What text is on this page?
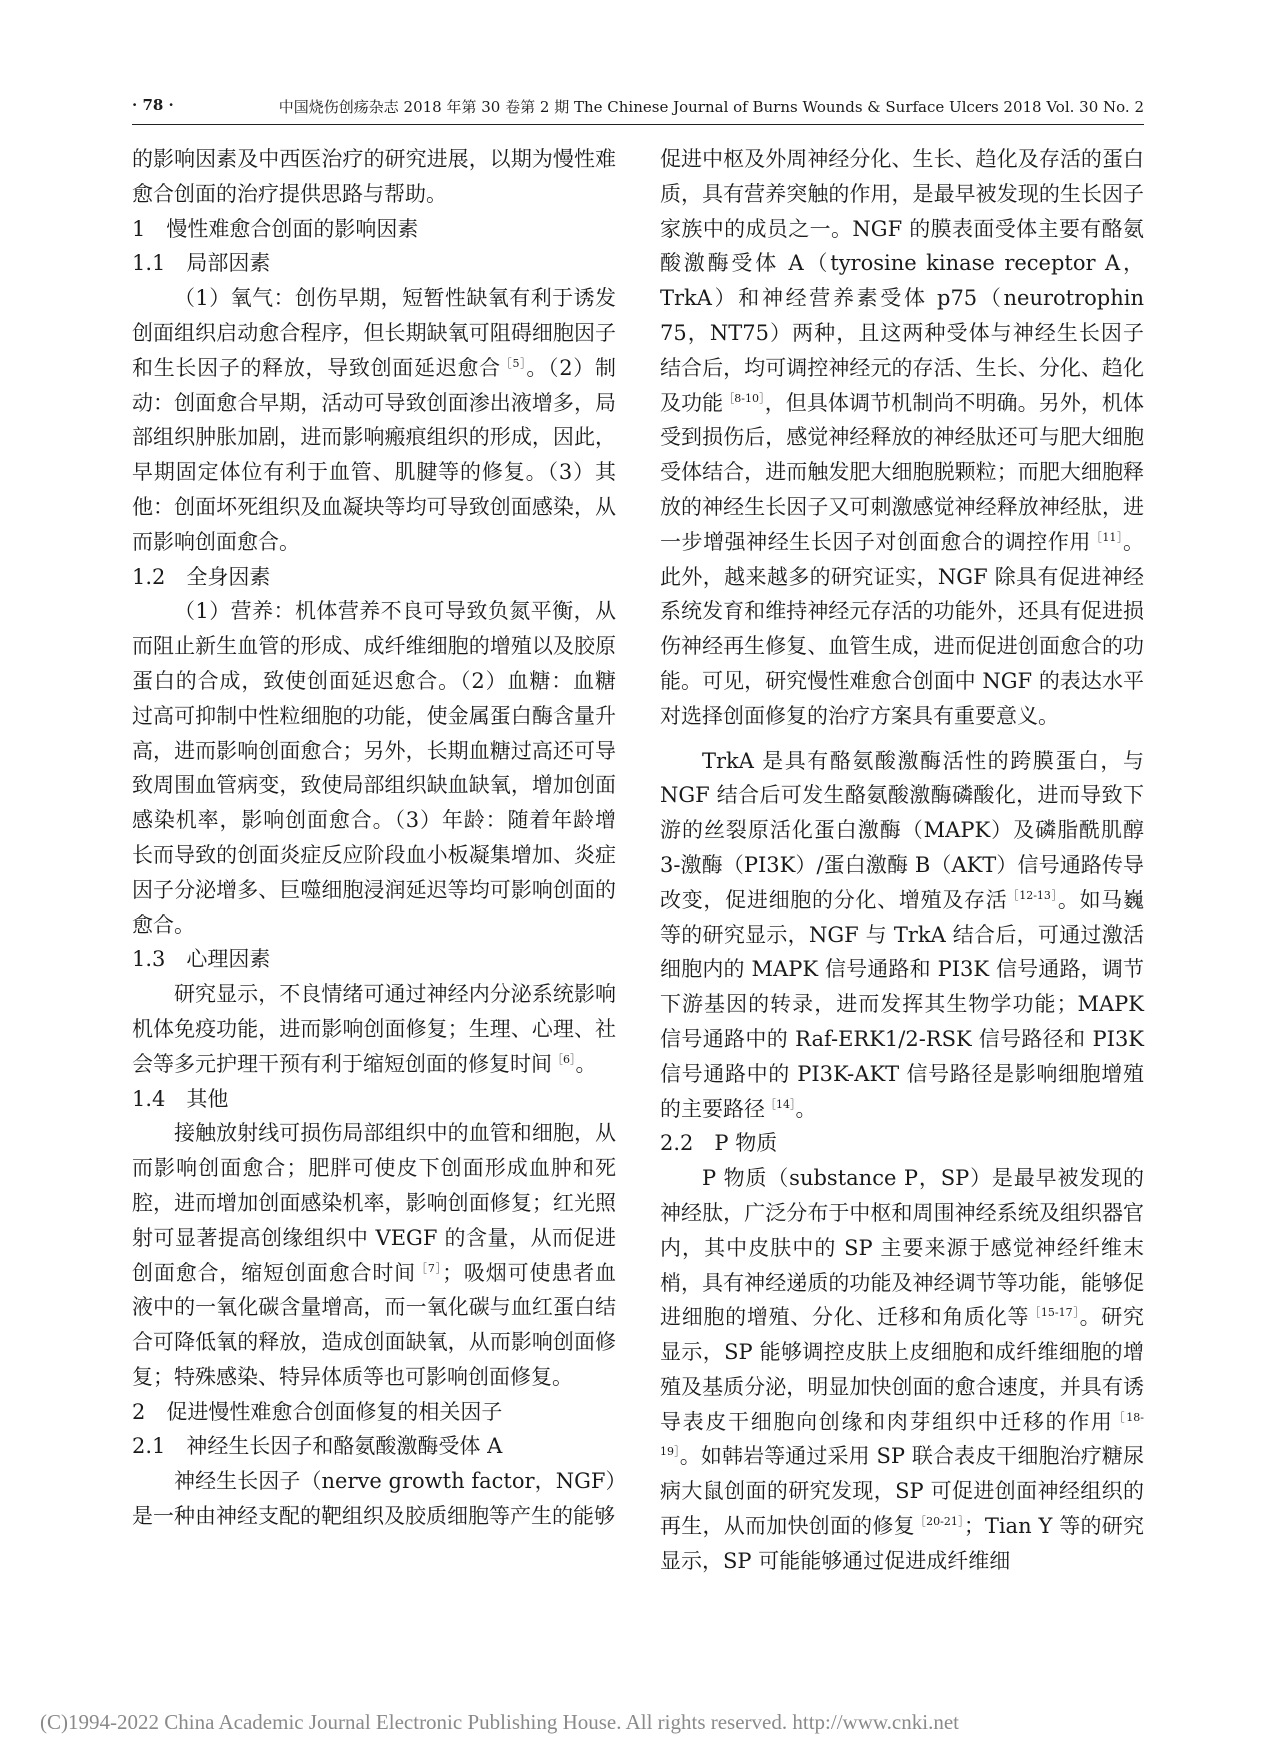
· 78 ·	中国烧伤创疡杂志 2018 年第 30 卷第 2 期 The Chinese Journal of Burns Wounds & Surface Ulcers 2018 Vol. 30 No. 2

的影响因素及中西医治疗的研究进展，以期为慢性难愈合创面的治疗提供思路与帮助。

1　慢性难愈合创面的影响因素

1.1　局部因素

（1）氧气：创伤早期，短暂性缺氧有利于诱发创面组织启动愈合程序，但长期缺氧可阻碍细胞因子和生长因子的释放，导致创面延迟愈合$^{[5]}$。（2）制动：创面愈合早期，活动可导致创面渗出液增多，局部组织肿胀加剧，进而影响瘢痕组织的形成，因此，早期固定体位有利于血管、肌腱等的修复。（3）其他：创面坏死组织及血凝块等均可导致创面感染，从而影响创面愈合。

1.2　全身因素

（1）营养：机体营养不良可导致负氮平衡，从而阻止新生血管的形成、成纤维细胞的增殖以及胶原蛋白的合成，致使创面延迟愈合。（2）血糖：血糖过高可抑制中性粒细胞的功能，使金属蛋白酶含量升高，进而影响创面愈合；另外，长期血糖过高还可导致周围血管病变，致使局部组织缺血缺氧，增加创面感染机率，影响创面愈合。（3）年龄：随着年龄增长而导致的创面炎症反应阶段血小板凝集增加、炎症因子分泌增多、巨噬细胞浸润延迟等均可影响创面的愈合。

1.3　心理因素

研究显示，不良情绪可通过神经内分泌系统影响机体免疫功能，进而影响创面修复；生理、心理、社会等多元护理干预有利于缩短创面的修复时间$^{[6]}$。

1.4　其他

接触放射线可损伤局部组织中的血管和细胞，从而影响创面愈合；肥胖可使皮下创面形成血肿和死腔，进而增加创面感染机率，影响创面修复；红光照射可显著提高创缘组织中 VEGF 的含量，从而促进创面愈合，缩短创面愈合时间$^{[7]}$；吸烟可使患者血液中的一氧化碳含量增高，而一氧化碳与血红蛋白结合可降低氧的释放，造成创面缺氧，从而影响创面修复；特殊感染、特异体质等也可影响创面修复。

2　促进慢性难愈合创面修复的相关因子

2.1　神经生长因子和酪氨酸激酶受体 A

神经生长因子（nerve growth factor，NGF）是一种由神经支配的靶组织及胶质细胞等产生的能够

促进中枢及外周神经分化、生长、趋化及存活的蛋白质，具有营养突触的作用，是最早被发现的生长因子家族中的成员之一。NGF 的膜表面受体主要有酪氨酸激酶受体 A（tyrosine kinase receptor A，TrkA）和神经营养素受体 p75（neurotrophin 75，NT75）两种，且这两种受体与神经生长因子结合后，均可调控神经元的存活、生长、分化、趋化及功能$^{[8-10]}$，但具体调节机制尚不明确。另外，机体受到损伤后，感觉神经释放的神经肽还可与肥大细胞受体结合，进而触发肥大细胞脱颗粒；而肥大细胞释放的神经生长因子又可刺激感觉神经释放神经肽，进一步增强神经生长因子对创面愈合的调控作用$^{[11]}$。此外，越来越多的研究证实，NGF 除具有促进神经系统发育和维持神经元存活的功能外，还具有促进损伤神经再生修复、血管生成，进而促进创面愈合的功能。可见，研究慢性难愈合创面中 NGF 的表达水平对选择创面修复的治疗方案具有重要意义。

TrkA 是具有酪氨酸激酶活性的跨膜蛋白，与 NGF 结合后可发生酪氨酸激酶磷酸化，进而导致下游的丝裂原活化蛋白激酶（MAPK）及磷脂酰肌醇 3-激酶（PI3K）/蛋白激酶 B（AKT）信号通路传导改变，促进细胞的分化、增殖及存活$^{[12-13]}$。如马巍等的研究显示，NGF 与 TrkA 结合后，可通过激活细胞内的 MAPK 信号通路和 PI3K 信号通路，调节下游基因的转录，进而发挥其生物学功能；MAPK 信号通路中的 Raf-ERK1/2-RSK 信号路径和 PI3K 信号通路中的 PI3K-AKT 信号路径是影响细胞增殖的主要路径$^{[14]}$。

2.2　P 物质

P 物质（substance P，SP）是最早被发现的神经肽，广泛分布于中枢和周围神经系统及组织器官内，其中皮肤中的 SP 主要来源于感觉神经纤维末梢，具有神经递质的功能及神经调节等功能，能够促进细胞的增殖、分化、迁移和角质化等$^{[15-17]}$。研究显示，SP 能够调控皮肤上皮细胞和成纤维细胞的增殖及基质分泌，明显加快创面的愈合速度，并具有诱导表皮干细胞向创缘和肉芽组织中迁移的作用$^{[18-19]}$。如韩岩等通过采用 SP 联合表皮干细胞治疗糖尿病大鼠创面的研究发现，SP 可促进创面神经组织的再生，从而加快创面的修复$^{[20-21]}$；Tian Y 等的研究显示，SP 可能能够通过促进成纤维细

(C)1994-2022 China Academic Journal Electronic Publishing House. All rights reserved. http://www.cnki.net
